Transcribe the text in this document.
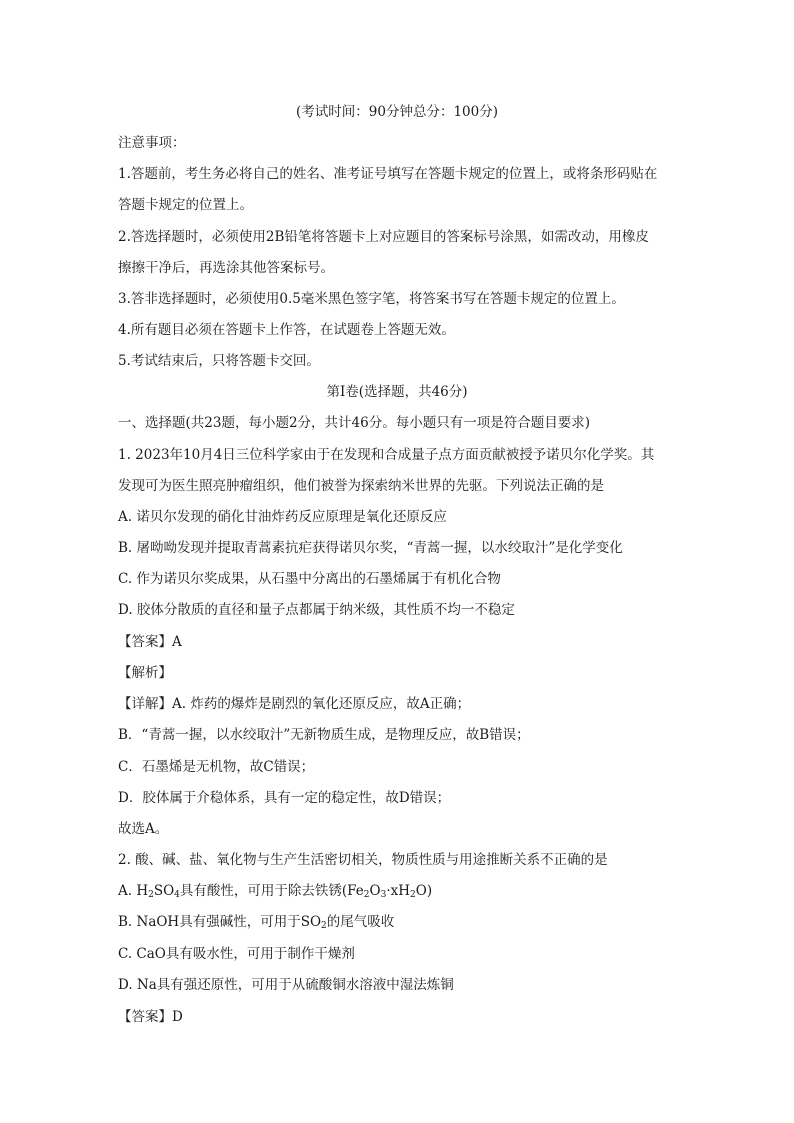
(考试时间：90分钟总分：100分)
注意事项：
1.答题前，考生务必将自己的姓名、准考证号填写在答题卡规定的位置上，或将条形码贴在
答题卡规定的位置上。
2.答选择题时，必须使用2B铅笔将答题卡上对应题目的答案标号涂黑，如需改动，用橡皮
擦擦干净后，再选涂其他答案标号。
3.答非选择题时，必须使用0.5毫米黑色签字笔，将答案书写在答题卡规定的位置上。
4.所有题目必须在答题卡上作答，在试题卷上答题无效。
5.考试结束后，只将答题卡交回。
第Ⅰ卷(选择题，共46分)
一、选择题(共23题，每小题2分，共计46分。每小题只有一项是符合题目要求)
1. 2023年10月4日三位科学家由于在发现和合成量子点方面贡献被授予诺贝尔化学奖。其
发现可为医生照亮肿瘤组织，他们被誉为探索纳米世界的先驱。下列说法正确的是
A. 诺贝尔发现的硝化甘油炸药反应原理是氧化还原反应
B. 屠呦呦发现并提取青蒿素抗疟获得诺贝尔奖，“青蒿一握，以水绞取汁”是化学变化
C. 作为诺贝尔奖成果，从石墨中分离出的石墨烯属于有机化合物
D. 胶体分散质的直径和量子点都属于纳米级，其性质不均一不稳定
【答案】A
【解析】
【详解】A. 炸药的爆炸是剧烈的氧化还原反应，故A正确；
B．“青蒿一握，以水绞取汁”无新物质生成，是物理反应，故B错误；
C．石墨烯是无机物，故C错误；
D．胶体属于介稳体系，具有一定的稳定性，故D错误；
故选A。
2. 酸、碱、盐、氧化物与生产生活密切相关，物质性质与用途推断关系不正确的是
A. $H_2SO_4$具有酸性，可用于除去铁锈$(Fe_2O_3\cdot xH_2O)$
B. NaOH具有强碱性，可用于$SO_2$的尾气吸收
C. CaO具有吸水性，可用于制作干燥剂
D. Na具有强还原性，可用于从硫酸铜水溶液中湿法炼铜
【答案】D
